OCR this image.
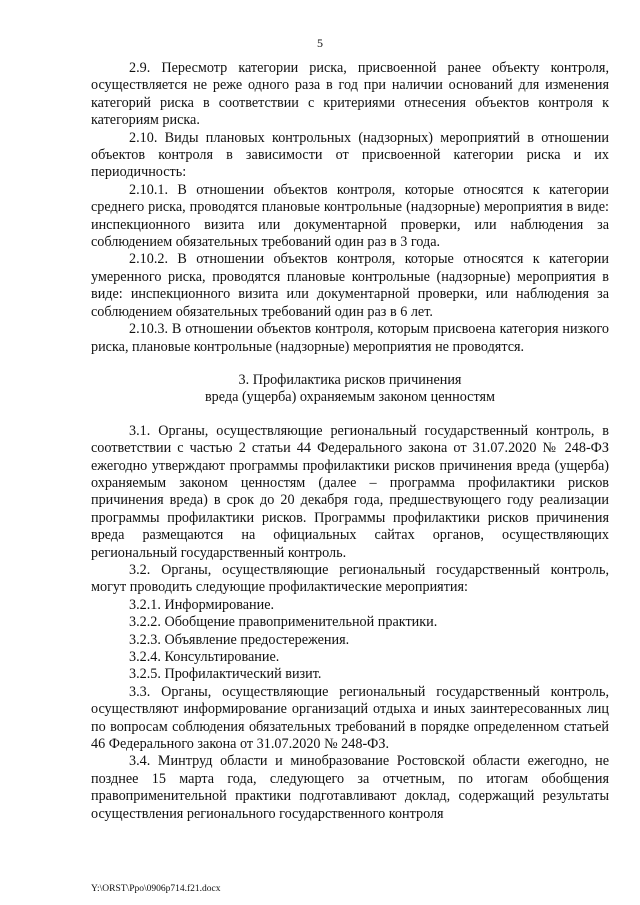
5

2.9. Пересмотр категории риска, присвоенной ранее объекту контроля, осуществляется не реже одного раза в год при наличии оснований для изменения категорий риска в соответствии с критериями отнесения объектов контроля к категориям риска.

2.10. Виды плановых контрольных (надзорных) мероприятий в отношении объектов контроля в зависимости от присвоенной категории риска и их периодичность:

2.10.1. В отношении объектов контроля, которые относятся к категории среднего риска, проводятся плановые контрольные (надзорные) мероприятия в виде: инспекционного визита или документарной проверки, или наблюдения за соблюдением обязательных требований один раз в 3 года.

2.10.2. В отношении объектов контроля, которые относятся к категории умеренного риска, проводятся плановые контрольные (надзорные) мероприятия в виде: инспекционного визита или документарной проверки, или наблюдения за соблюдением обязательных требований один раз в 6 лет.

2.10.3. В отношении объектов контроля, которым присвоена категория низкого риска, плановые контрольные (надзорные) мероприятия не проводятся.

3. Профилактика рисков причинения

вреда (ущерба) охраняемым законом ценностям

3.1. Органы, осуществляющие региональный государственный контроль, в соответствии с частью 2 статьи 44 Федерального закона от 31.07.2020 № 248-ФЗ ежегодно утверждают программы профилактики рисков причинения вреда (ущерба) охраняемым законом ценностям (далее – программа профилактики рисков причинения вреда) в срок до 20 декабря года, предшествующего году реализации программы профилактики рисков. Программы профилактики рисков причинения вреда размещаются на официальных сайтах органов, осуществляющих региональный государственный контроль.

3.2. Органы, осуществляющие региональный государственный контроль, могут проводить следующие профилактические мероприятия:

3.2.1. Информирование.

3.2.2. Обобщение правоприменительной практики.

3.2.3. Объявление предостережения.

3.2.4. Консультирование.

3.2.5. Профилактический визит.

3.3. Органы, осуществляющие региональный государственный контроль, осуществляют информирование организаций отдыха и иных заинтересованных лиц по вопросам соблюдения обязательных требований в порядке определенном статьей 46 Федерального закона от 31.07.2020 № 248-ФЗ.

3.4. Минтруд области и минобразование Ростовской области ежегодно, не позднее 15 марта года, следующего за отчетным, по итогам обобщения правоприменительной практики подготавливают доклад, содержащий результаты осуществления регионального государственного контроля

Y:\ORST\Ppo\0906p714.f21.docx
